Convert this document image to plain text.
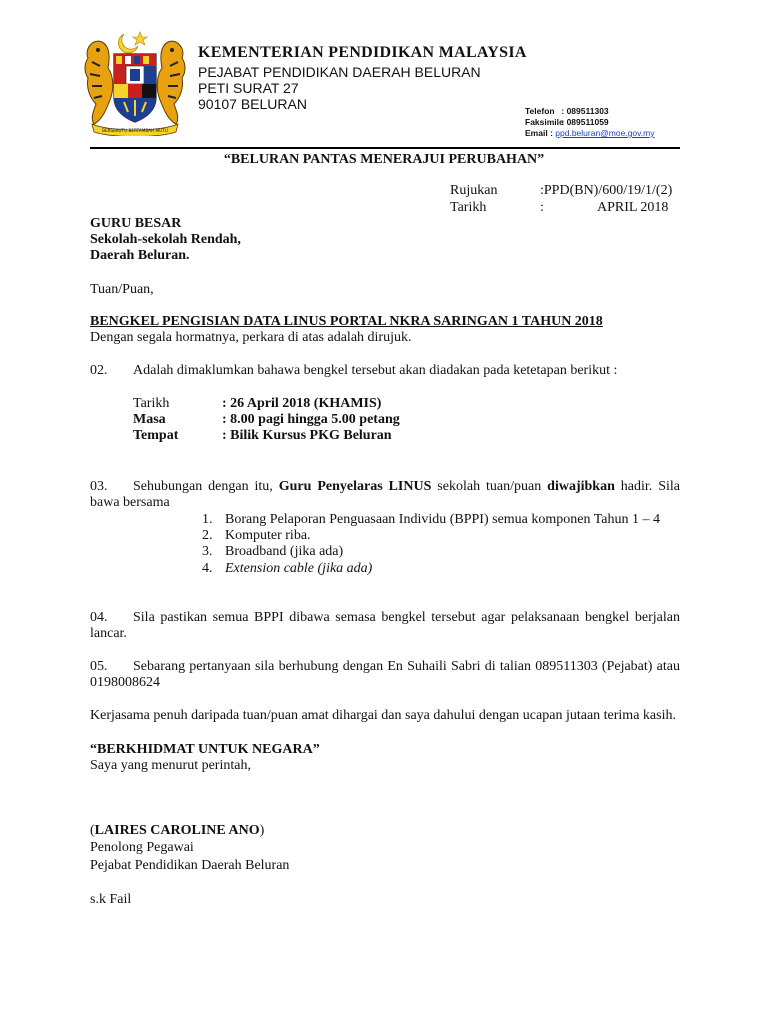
BERSEKUTU BERTAMBAH MUTU
KEMENTERIAN PENDIDIKAN MALAYSIA
PEJABAT PENDIDIKAN DAERAH BELURAN
PETI SURAT 27
90107 BELURAN	Telefon : 089511303
Faksimile : 089511059
Email : ppd.beluran@moe.gov.my
“BELURAN PANTAS MENERAJUI PERUBAHAN”
Rujukan	:PPD(BN)/600/19/1/(2)
Tarikh	:	APRIL 2018
GURU BESAR
Sekolah-sekolah Rendah,
Daerah Beluran.
Tuan/Puan,
BENGKEL PENGISIAN DATA LINUS PORTAL NKRA SARINGAN 1 TAHUN 2018
Dengan segala hormatnya, perkara di atas adalah dirujuk.
02. Adalah dimaklumkan bahawa bengkel tersebut akan diadakan pada ketetapan berikut :
Tarikh	: 26 April 2018 (KHAMIS)
Masa	: 8.00 pagi hingga 5.00 petang
Tempat	: Bilik Kursus PKG Beluran
03. Sehubungan dengan itu, Guru Penyelaras LINUS sekolah tuan/puan diwajibkan hadir. Sila
bawa bersama
1. Borang Pelaporan Penguasaan Individu (BPPI) semua komponen Tahun 1 – 4
2. Komputer riba.
3. Broadband (jika ada)
4. Extension cable (jika ada)
04. Sila pastikan semua BPPI dibawa semasa bengkel tersebut agar pelaksanaan bengkel berjalan
lancar.
05. Sebarang pertanyaan sila berhubung dengan En Suhaili Sabri di talian 089511303 (Pejabat) atau
0198008624
Kerjasama penuh daripada tuan/puan amat dihargai dan saya dahului dengan ucapan jutaan terima kasih.
“BERKHIDMAT UNTUK NEGARA”
Saya yang menurut perintah,
(LAIRES CAROLINE ANO)
Penolong Pegawai
Pejabat Pendidikan Daerah Beluran
s.k Fail
